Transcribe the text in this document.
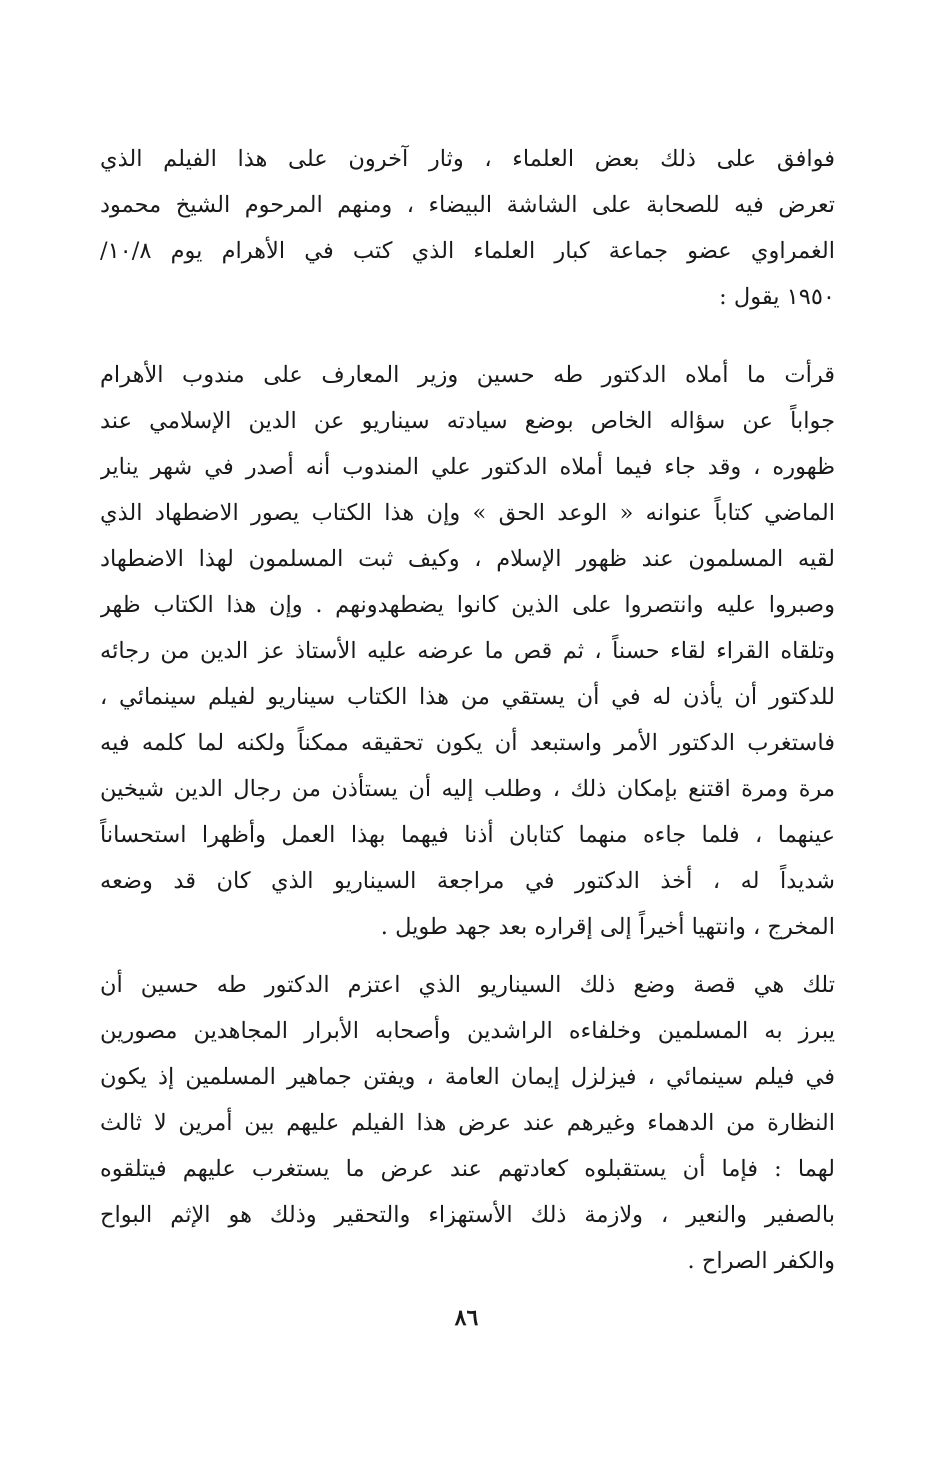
فوافق على ذلك بعض العلماء ، وثار آخرون على هذا الفيلم الذي
تعرض فيه للصحابة على الشاشة البيضاء ، ومنهم المرحوم الشيخ محمود
الغمراوي عضو جماعة كبار العلماء الذي كتب في الأهرام يوم ١٠/٨/
١٩٥٠ يقول :
قرأت ما أملاه الدكتور طه حسين وزير المعارف على مندوب الأهرام
جواباً عن سؤاله الخاص بوضع سيادته سيناريو عن الدين الإسلامي عند
ظهوره ، وقد جاء فيما أملاه الدكتور علي المندوب أنه أصدر في شهر يناير
الماضي كتاباً عنوانه « الوعد الحق » وإن هذا الكتاب يصور الاضطهاد الذي
لقيه المسلمون عند ظهور الإسلام ، وكيف ثبت المسلمون لهذا الاضطهاد
وصبروا عليه وانتصروا على الذين كانوا يضطهدونهم . وإن هذا الكتاب ظهر
وتلقاه القراء لقاء حسناً ، ثم قص ما عرضه عليه الأستاذ عز الدين من رجائه
للدكتور أن يأذن له في أن يستقي من هذا الكتاب سيناريو لفيلم سينمائي ،
فاستغرب الدكتور الأمر واستبعد أن يكون تحقيقه ممكناً ولكنه لما كلمه فيه
مرة ومرة اقتنع بإمكان ذلك ، وطلب إليه أن يستأذن من رجال الدين شيخين
عينهما ، فلما جاءه منهما كتابان أذنا فيهما بهذا العمل وأظهرا استحساناً
شديداً له ، أخذ الدكتور في مراجعة السيناريو الذي كان قد وضعه
المخرج ، وانتهيا أخيراً إلى إقراره بعد جهد طويل .
تلك هي قصة وضع ذلك السيناريو الذي اعتزم الدكتور طه حسين أن
يبرز به المسلمين وخلفاءه الراشدين وأصحابه الأبرار المجاهدين مصورين
في فيلم سينمائي ، فيزلزل إيمان العامة ، ويفتن جماهير المسلمين إذ يكون
النظارة من الدهماء وغيرهم عند عرض هذا الفيلم عليهم بين أمرين لا ثالث
لهما : فإما أن يستقبلوه كعادتهم عند عرض ما يستغرب عليهم فيتلقوه
بالصفير والنعير ، ولازمة ذلك الأستهزاء والتحقير وذلك هو الإثم البواح
والكفر الصراح .
٨٦
